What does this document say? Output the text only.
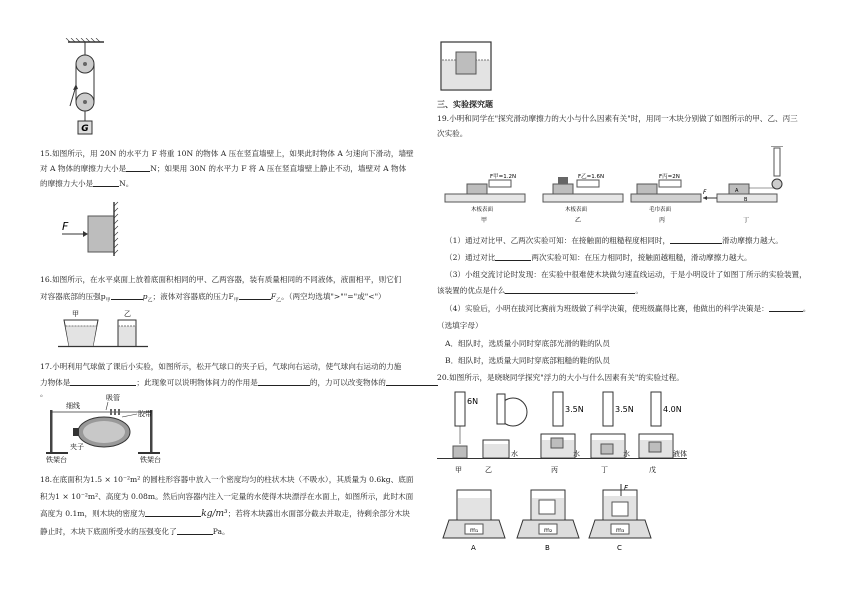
G

15.如图所示，用 20N 的水平力 F 将重 10N 的物体 A 压在竖直墙壁上，如果此时物体 A 匀速向下滑动，墙壁

对 A 物体的摩擦力大小是	N；如果用 30N 的水平力 F 将 A 压在竖直墙壁上静止不动，墙壁对 A 物体

的摩擦力大小是	N。

F

16.如图所示，在水平桌面上放着底面积相同的甲、乙两容器，装有质量相同的不同液体，液面相平，则它们

对容器底部的压强$p_甲$	$p_乙$；液体对容器底的压力$F_甲$	$F_乙$。（两空均选填">""="或"<"）

甲	乙

17.小明利用气球做了课后小实验，如图所示，松开气球口的夹子后，气球向右运动，使气球向右运动的力施

力物体是	；此现象可以说明物体间力的作用是	的，力可以改变物体的。

细线
吸管
胶带
夹子
铁架台	铁架台

18.在底面积为1.5 × 10⁻²m² 的圆柱形容器中放入一个密度均匀的柱状木块（不吸水），其质量为 0.6kg、底面

积为1 × 10⁻²m²、高度为 0.08m。然后向容器内注入一定量的水使得木块漂浮在水面上，如图所示，此时木面

高度为 0.1m，则木块的密度为	kg/m³；若将木块露出水面部分截去并取走，待剩余部分木块

静止时，木块下底面所受水的压强变化了	Pa。

三、实验探究题

19.小明和同学在"探究滑动摩擦力的大小与什么因素有关"时，用同一木块分别做了如图所示的甲、乙、丙三

次实验。

F甲=1.2N
木板表面
甲
F乙=1.6N
木板表面
乙
F丙=2N
毛巾表面
丙
B
A
F
丁

（1）通过对比甲、乙两次实验可知：在接触面的粗糙程度相同时，	滑动摩擦力越大。

（2）通过对比	两次实验可知：在压力相同时，接触面越粗糙，滑动摩擦力越大。

（3）小组交流讨论时发现：在实验中很难使木块做匀速直线运动，于是小明设计了如图丁所示的实验装置，

该装置的优点是什么	。

（4）实验后，小明在拔河比赛前为班级做了科学决策，使班级赢得比赛，他做出的科学决策是：	。

（选填字母）

A．组队时，选质量小同时穿底部光滑的鞋的队员

B．组队时，选质量大同时穿底部粗糙的鞋的队员

20.如图所示，是晓晓同学探究"浮力的大小与什么因素有关"的实验过程。

6N
甲	乙
水
3.5N
丙
水
3.5N
丁
水
4.0N
戊
液体
m₁
A
m₂
B
F
m₃
C
